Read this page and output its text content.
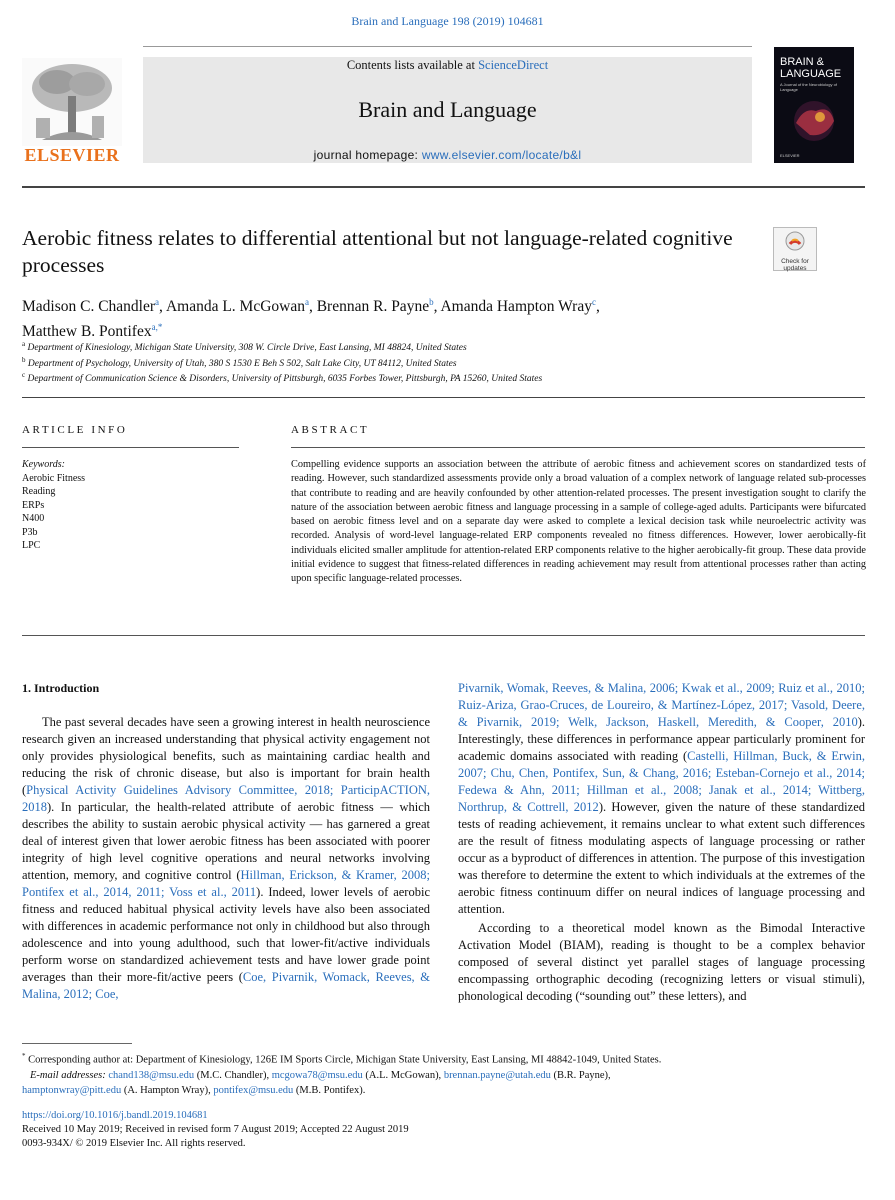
Brain and Language 198 (2019) 104681
ELSEVIER
Contents lists available at ScienceDirect
Brain and Language
journal homepage: www.elsevier.com/locate/b&l
BRAIN & LANGUAGE
A Journal of the Neurobiology of Language
ELSEVIER
Aerobic fitness relates to differential attentional but not language-related cognitive processes	Check for
updates
Madison C. Chandler$^a$, Amanda L. McGowan$^a$, Brennan R. Payne$^b$, Amanda Hampton Wray$^c$,
Matthew B. Pontifex$^{a,*}$
$^a$ Department of Kinesiology, Michigan State University, 308 W. Circle Drive, East Lansing, MI 48824, United States
$^b$ Department of Psychology, University of Utah, 380 S 1530 E Beh S 502, Salt Lake City, UT 84112, United States
$^c$ Department of Communication Science & Disorders, University of Pittsburgh, 6035 Forbes Tower, Pittsburgh, PA 15260, United States
ARTICLE INFO
Keywords:
Aerobic Fitness
Reading
ERPs
N400
P3b
LPC
ABSTRACT
Compelling evidence supports an association between the attribute of aerobic fitness and achievement scores on standardized tests of reading. However, such standardized assessments provide only a broad valuation of a complex network of language related sub-processes that contribute to reading and are heavily confounded by other attention-related processes. The present investigation sought to clarify the nature of the association between aerobic fitness and language processing in a sample of college-aged adults. Participants were bifurcated based on aerobic fitness level and on a separate day were asked to complete a lexical decision task while neuroelectric activity was recorded. Analysis of word-level language-related ERP components revealed no fitness differences. However, lower aerobically-fit individuals elicited smaller amplitude for attention-related ERP components relative to the higher aerobically-fit group. These data provide initial evidence to suggest that fitness-related differences in reading achievement may result from attentional processes rather than acting upon specific language-related processes.
1. Introduction
The past several decades have seen a growing interest in health neuroscience research given an increased understanding that physical activity engagement not only provides physiological benefits, such as maintaining cardiac health and reducing the risk of chronic disease, but also is important for brain health (Physical Activity Guidelines Advisory Committee, 2018; ParticipACTION, 2018). In particular, the health-related attribute of aerobic fitness — which describes the ability to sustain aerobic physical activity — has garnered a great deal of interest given that lower aerobic fitness has been associated with poorer integrity of high level cognitive operations and neural networks involving attention, memory, and cognitive control (Hillman, Erickson, & Kramer, 2008; Pontifex et al., 2014, 2011; Voss et al., 2011). Indeed, lower levels of aerobic fitness and reduced habitual physical activity levels have also been associated with differences in academic performance not only in childhood but also through adolescence and into young adulthood, such that lower-fit/active individuals perform worse on standardized achievement tests and have lower grade point averages than their more-fit/active peers (Coe, Pivarnik, Womack, Reeves, & Malina, 2012; Coe,
Pivarnik, Womak, Reeves, & Malina, 2006; Kwak et al., 2009; Ruiz et al., 2010; Ruiz-Ariza, Grao-Cruces, de Loureiro, & Martínez-López, 2017; Vasold, Deere, & Pivarnik, 2019; Welk, Jackson, Haskell, Meredith, & Cooper, 2010). Interestingly, these differences in performance appear particularly prominent for academic domains associated with reading (Castelli, Hillman, Buck, & Erwin, 2007; Chu, Chen, Pontifex, Sun, & Chang, 2016; Esteban-Cornejo et al., 2014; Fedewa & Ahn, 2011; Hillman et al., 2008; Janak et al., 2014; Wittberg, Northrup, & Cottrell, 2012). However, given the nature of these standardized tests of reading achievement, it remains unclear to what extent such differences are the result of fitness modulating aspects of language processing or rather occur as a byproduct of differences in attention. The purpose of this investigation was therefore to determine the extent to which individuals at the extremes of the aerobic fitness continuum differ on neural indices of language processing and attention.
According to a theoretical model known as the Bimodal Interactive Activation Model (BIAM), reading is thought to be a complex behavior composed of several distinct yet parallel stages of language processing encompassing orthographic decoding (recognizing letters or visual stimuli), phonological decoding (“sounding out” these letters), and
* Corresponding author at: Department of Kinesiology, 126E IM Sports Circle, Michigan State University, East Lansing, MI 48842-1049, United States.
E-mail addresses: chand138@msu.edu (M.C. Chandler), mcgowa78@msu.edu (A.L. McGowan), brennan.payne@utah.edu (B.R. Payne),
hamptonwray@pitt.edu (A. Hampton Wray), pontifex@msu.edu (M.B. Pontifex).
https://doi.org/10.1016/j.bandl.2019.104681
Received 10 May 2019; Received in revised form 7 August 2019; Accepted 22 August 2019
0093-934X/ © 2019 Elsevier Inc. All rights reserved.
